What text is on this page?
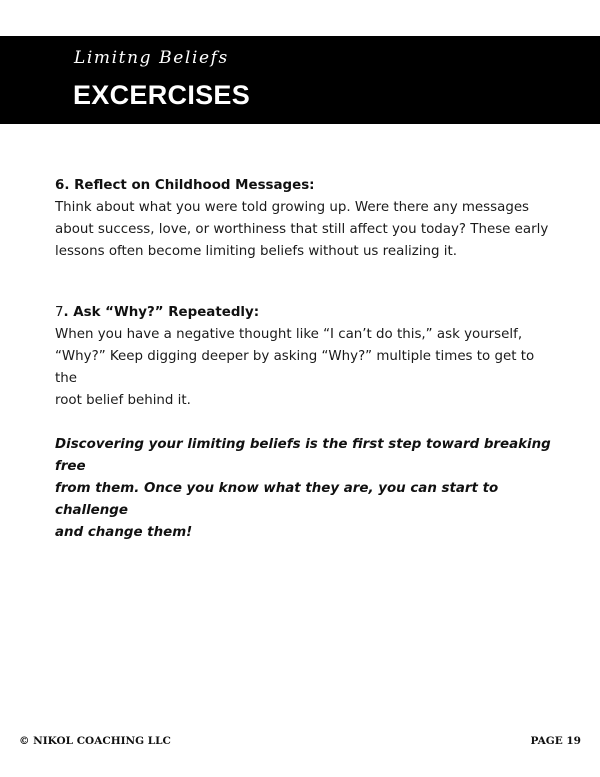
Limitng Beliefs
EXCERCISES
6. Reflect on Childhood Messages:
Think about what you were told growing up. Were there any messages
about success, love, or worthiness that still affect you today? These early
lessons often become limiting beliefs without us realizing it.
7. Ask “Why?” Repeatedly:
When you have a negative thought like “I can’t do this,” ask yourself,
“Why?” Keep digging deeper by asking “Why?” multiple times to get to the
root belief behind it.
Discovering your limiting beliefs is the first step toward breaking free
from them. Once you know what they are, you can start to challenge
and change them!
© NIKOL COACHING LLC	PAGE 19
